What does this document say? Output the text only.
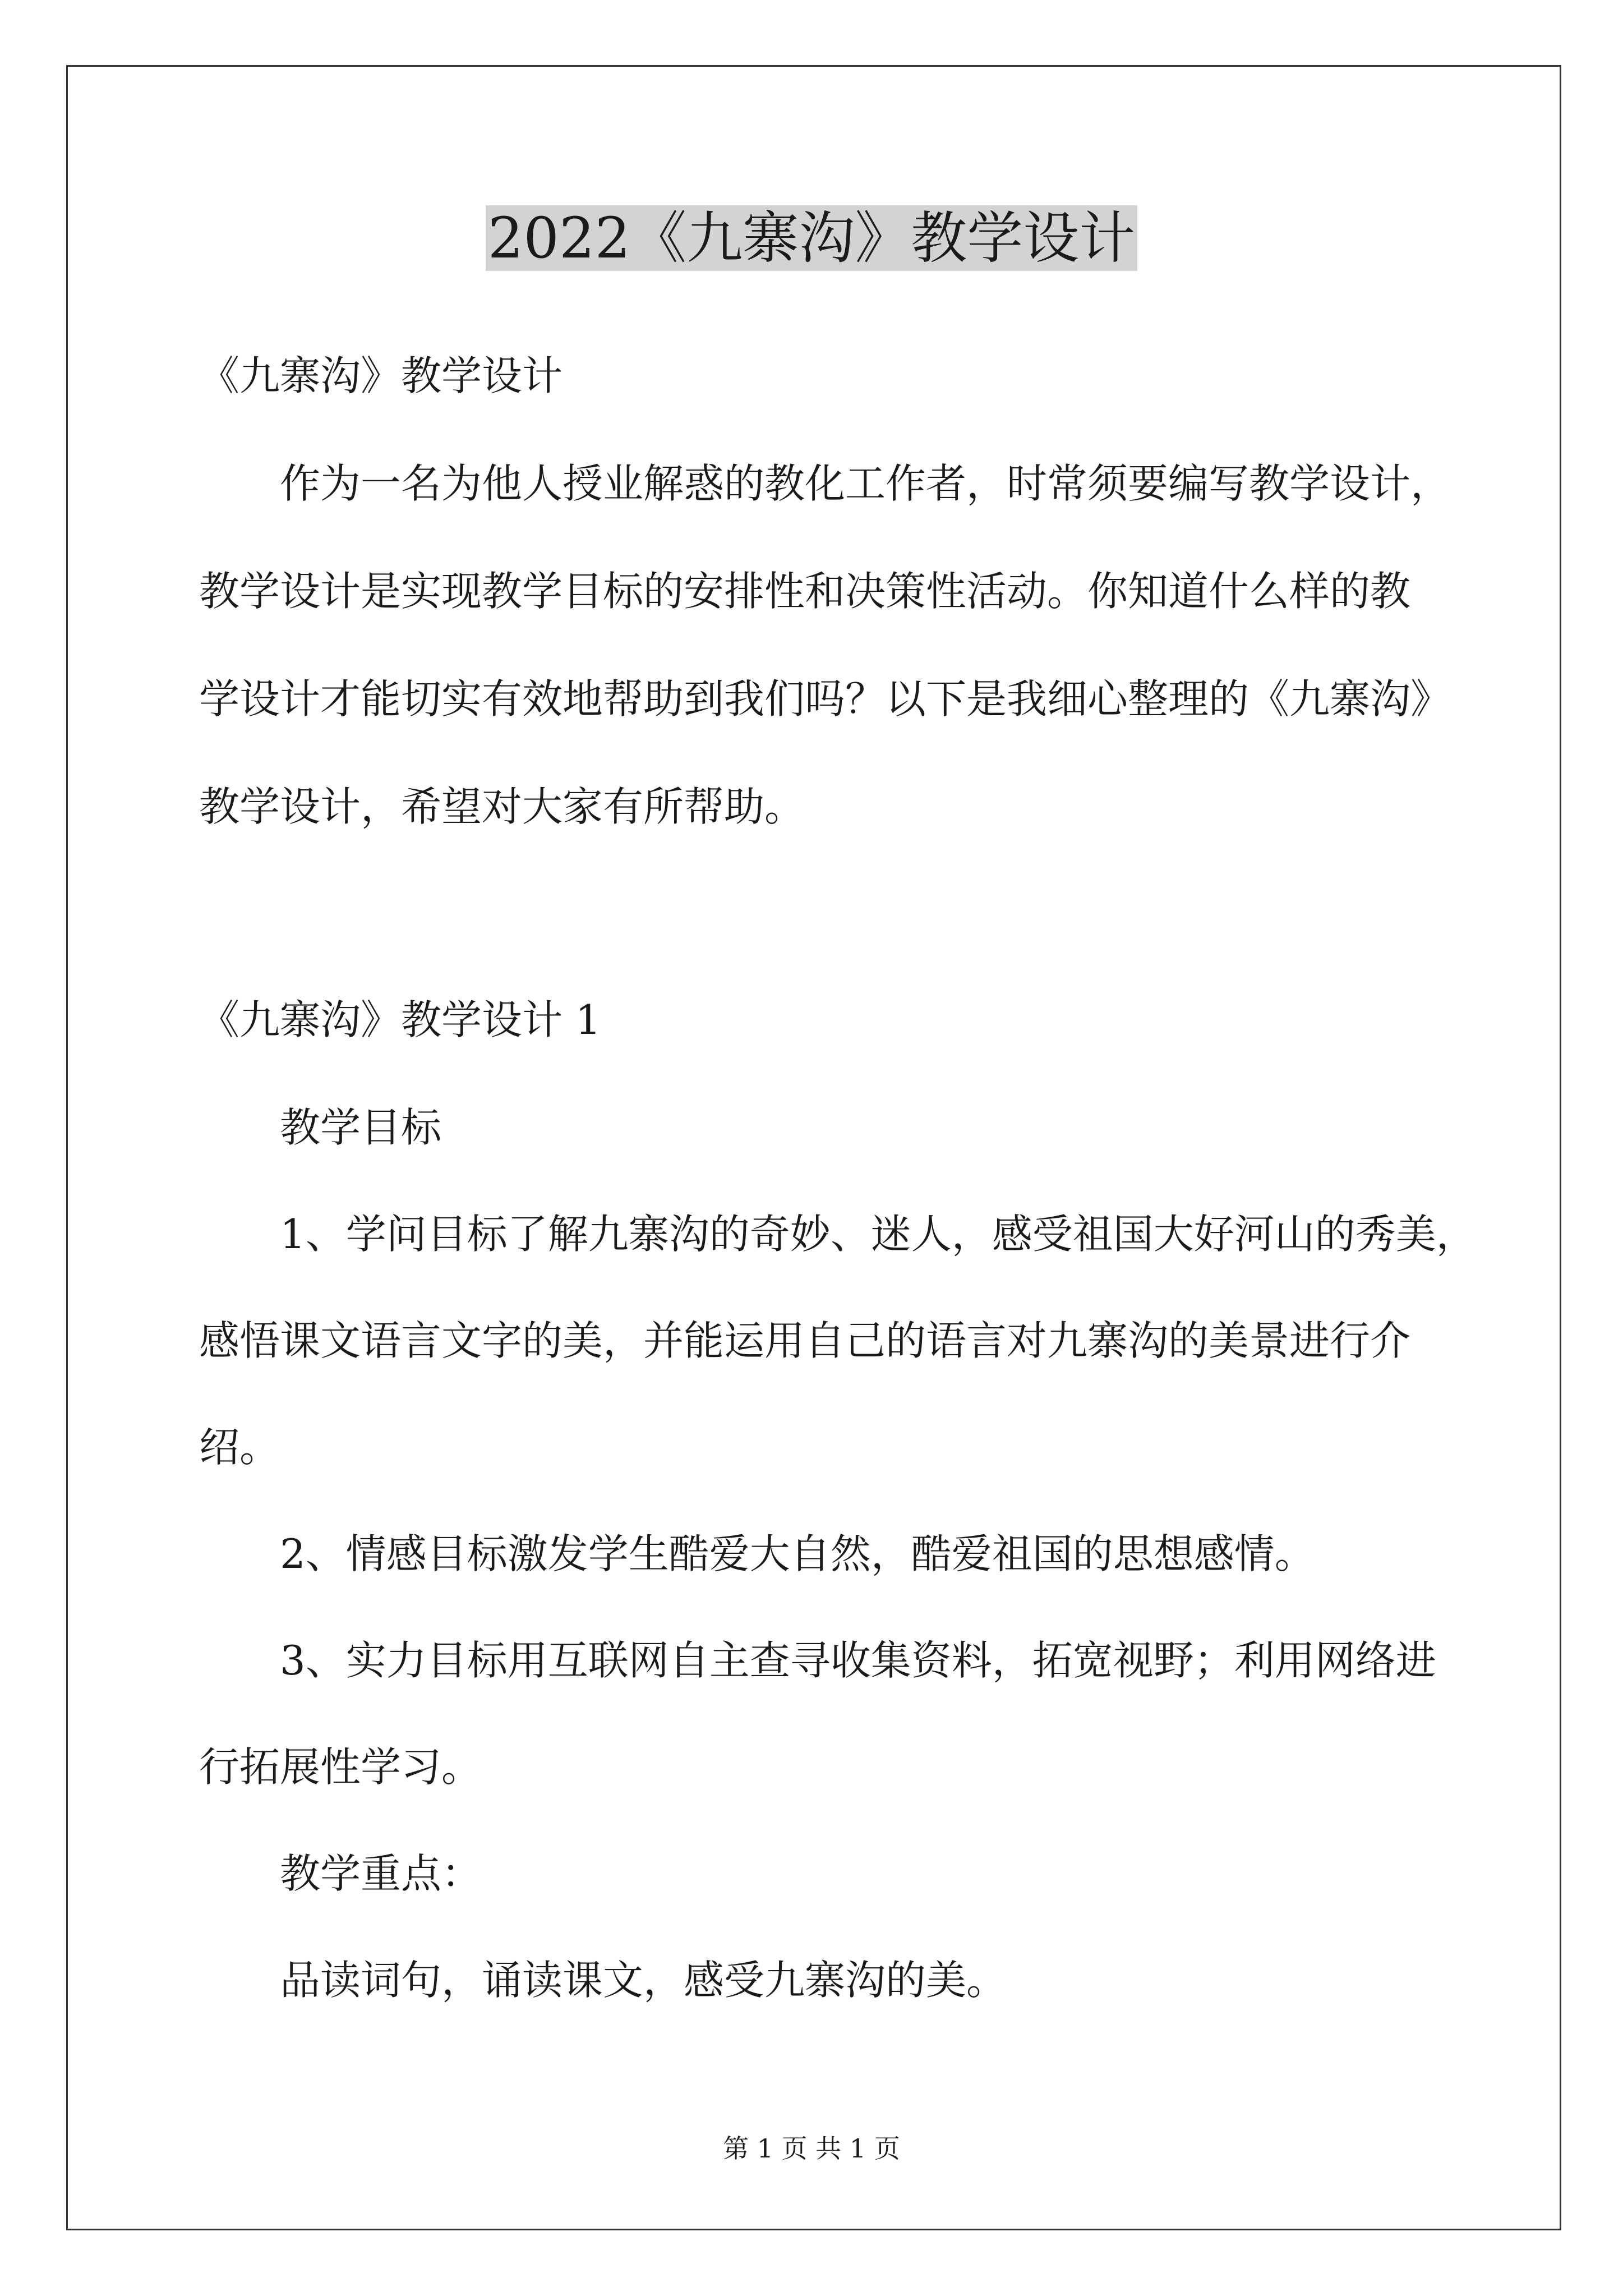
2022《九寨沟》教学设计
《九寨沟》教学设计
作为一名为他人授业解惑的教化工作者，时常须要编写教学设计，
教学设计是实现教学目标的安排性和决策性活动。你知道什么样的教
学设计才能切实有效地帮助到我们吗？以下是我细心整理的《九寨沟》
教学设计，希望对大家有所帮助。
《九寨沟》教学设计 1
教学目标
1、学问目标了解九寨沟的奇妙、迷人，感受祖国大好河山的秀美，
感悟课文语言文字的美，并能运用自己的语言对九寨沟的美景进行介
绍。
2、情感目标激发学生酷爱大自然，酷爱祖国的思想感情。
3、实力目标用互联网自主查寻收集资料，拓宽视野；利用网络进
行拓展性学习。
教学重点：
品读词句，诵读课文，感受九寨沟的美。
第 1 页 共 1 页
